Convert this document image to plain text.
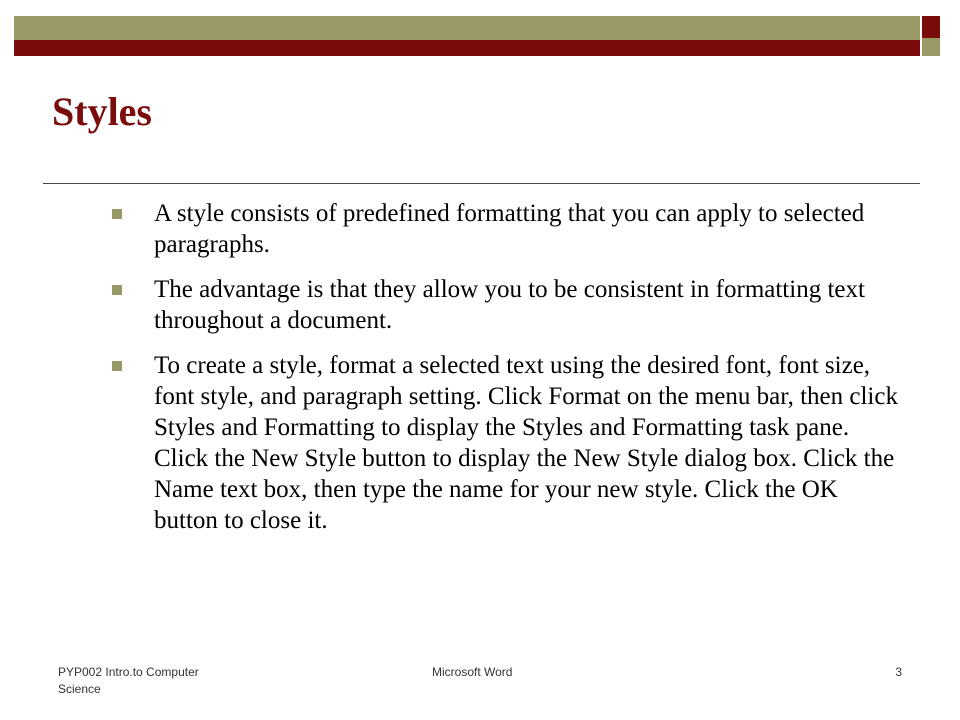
Styles
A style consists of predefined formatting that you can apply to selected paragraphs.
The advantage is that they allow you to be consistent in formatting text throughout a document.
To create a style, format a selected text using the desired font, font size, font style, and paragraph setting. Click Format on the menu bar, then click Styles and Formatting to display the Styles and Formatting task pane. Click the New Style button to display the New Style dialog box. Click the Name text box, then type the name for your new style. Click the OK button to close it.
PYP002 Intro.to Computer Science
Microsoft Word	3
